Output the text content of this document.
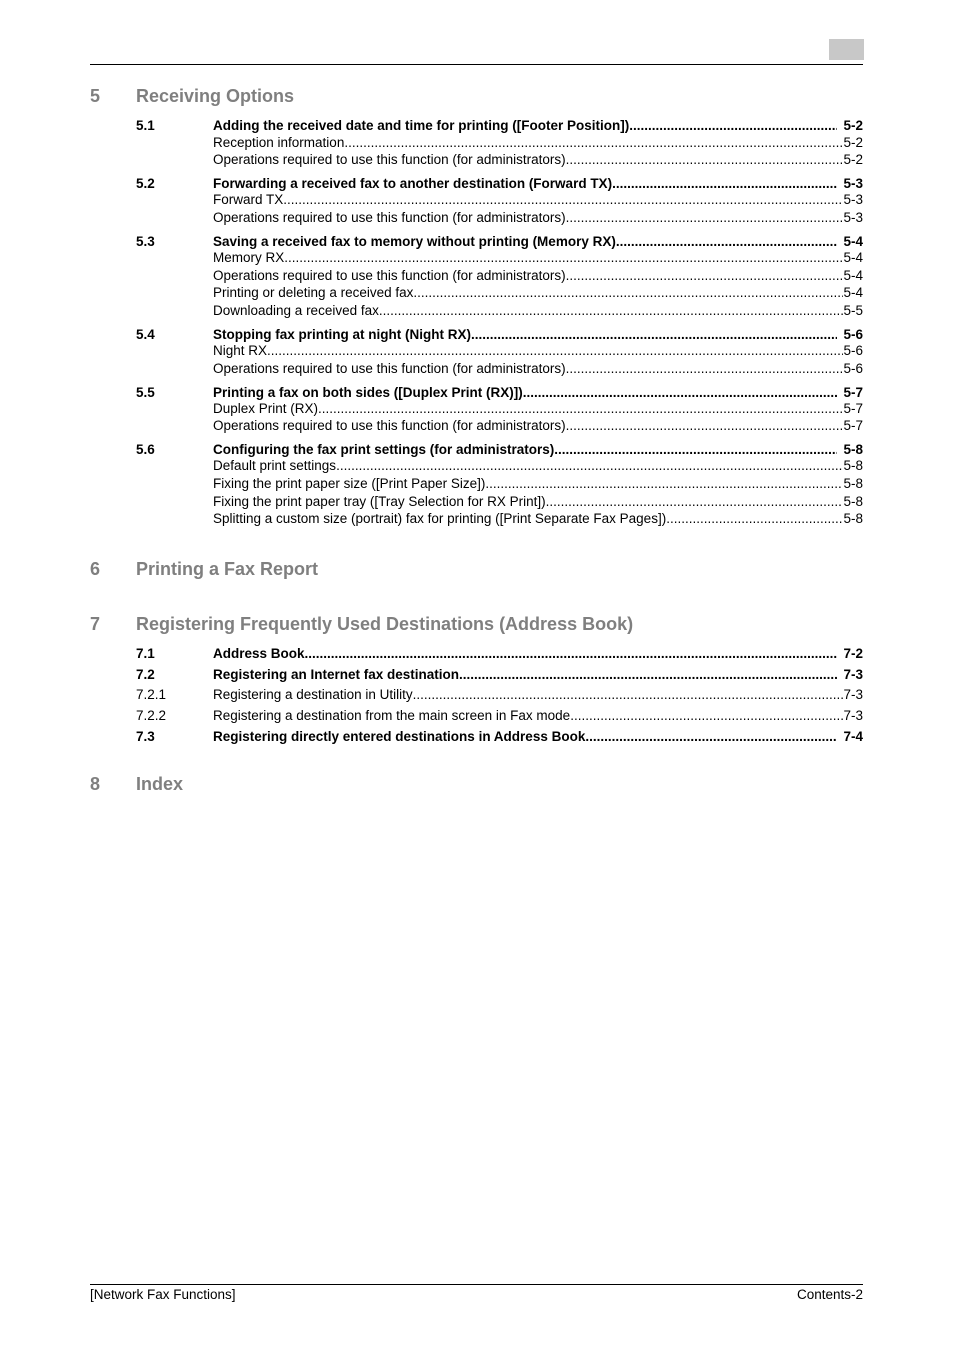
5 Receiving Options
5.1	Adding the received date and time for printing ([Footer Position]) .....	5-2
Reception information .....	5-2
Operations required to use this function (for administrators) .....	5-2
5.2	Forwarding a received fax to another destination (Forward TX) .....	5-3
Forward TX .....	5-3
Operations required to use this function (for administrators) .....	5-3
5.3	Saving a received fax to memory without printing (Memory RX) .....	5-4
Memory RX .....	5-4
Operations required to use this function (for administrators) .....	5-4
Printing or deleting a received fax .....	5-4
Downloading a received fax .....	5-5
5.4	Stopping fax printing at night (Night RX) .....	5-6
Night RX .....	5-6
Operations required to use this function (for administrators) .....	5-6
5.5	Printing a fax on both sides ([Duplex Print (RX)]) .....	5-7
Duplex Print (RX) .....	5-7
Operations required to use this function (for administrators) .....	5-7
5.6	Configuring the fax print settings (for administrators) .....	5-8
Default print settings .....	5-8
Fixing the print paper size ([Print Paper Size]) .....	5-8
Fixing the print paper tray ([Tray Selection for RX Print]) .....	5-8
Splitting a custom size (portrait) fax for printing ([Print Separate Fax Pages]) .....	5-8
6 Printing a Fax Report
7 Registering Frequently Used Destinations (Address Book)
7.1	Address Book .....	7-2
7.2	Registering an Internet fax destination .....	7-3
7.2.1	Registering a destination in Utility .....	7-3
7.2.2	Registering a destination from the main screen in Fax mode .....	7-3
7.3	Registering directly entered destinations in Address Book .....	7-4
8 Index
[Network Fax Functions]	Contents-2
